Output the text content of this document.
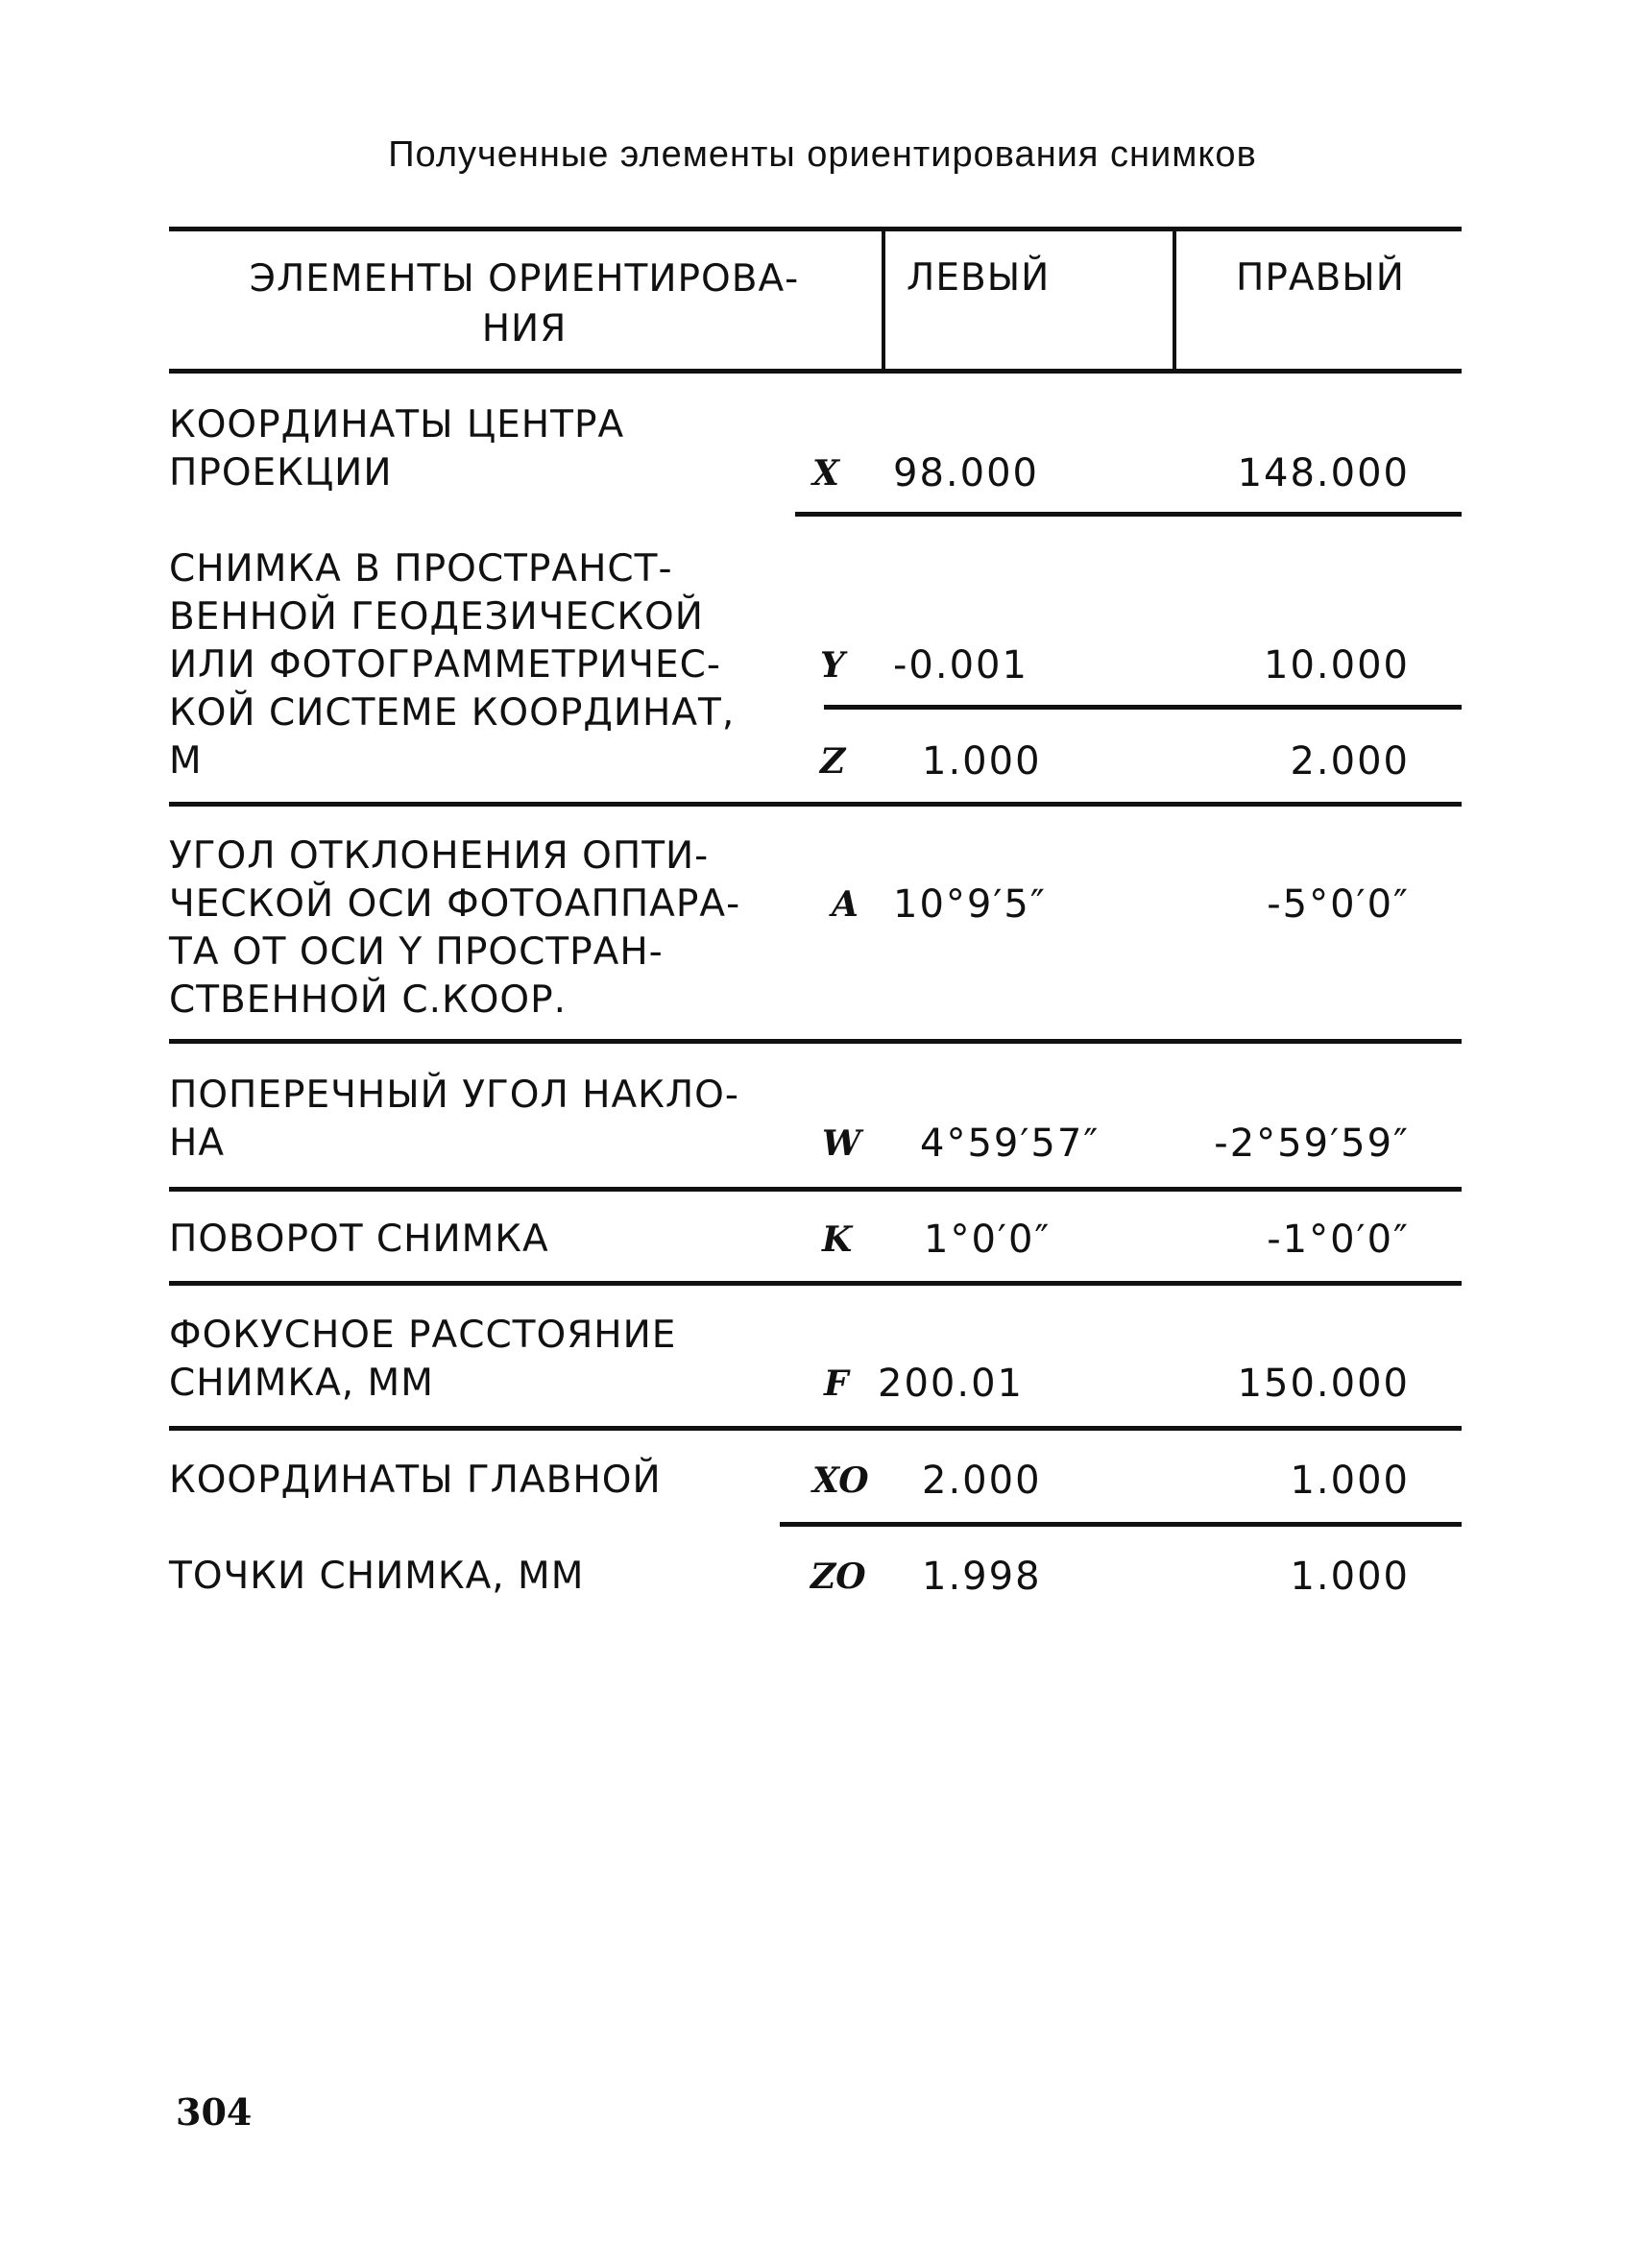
Полученные элементы ориентирования снимков
ЭЛЕМЕНТЫ ОРИЕНТИРОВА-
НИЯ
ЛЕВЫЙ	ПРАВЫЙ
КООРДИНАТЫ ЦЕНТРА
ПРОЕКЦИИ	X 98.000	148.000
СНИМКА В ПРОСТРАНСТ-
ВЕННОЙ ГЕОДЕЗИЧЕСКОЙ
ИЛИ ФОТОГРАММЕТРИЧЕС-
КОЙ СИСТЕМЕ КООРДИНАТ,
М
Y -0.001	10.000
Z 1.000	2.000
УГОЛ ОТКЛОНЕНИЯ ОПТИ-
ЧЕСКОЙ ОСИ ФОТОАППАРА-
ТА ОТ ОСИ Y ПРОСТРАН-
СТВЕННОЙ С.КООР.
A 10°9′5″	-5°0′0″
ПОПЕРЕЧНЫЙ УГОЛ НАКЛО-
НА	W 4°59′57″	-2°59′59″
ПОВОРОТ СНИМКА	K 1°0′0″	-1°0′0″
ФОКУСНОЕ РАССТОЯНИЕ
СНИМКА, ММ	F 200.01	150.000
КООРДИНАТЫ ГЛАВНОЙ	XO 2.000	1.000
ТОЧКИ СНИМКА, ММ	ZO 1.998	1.000
304
